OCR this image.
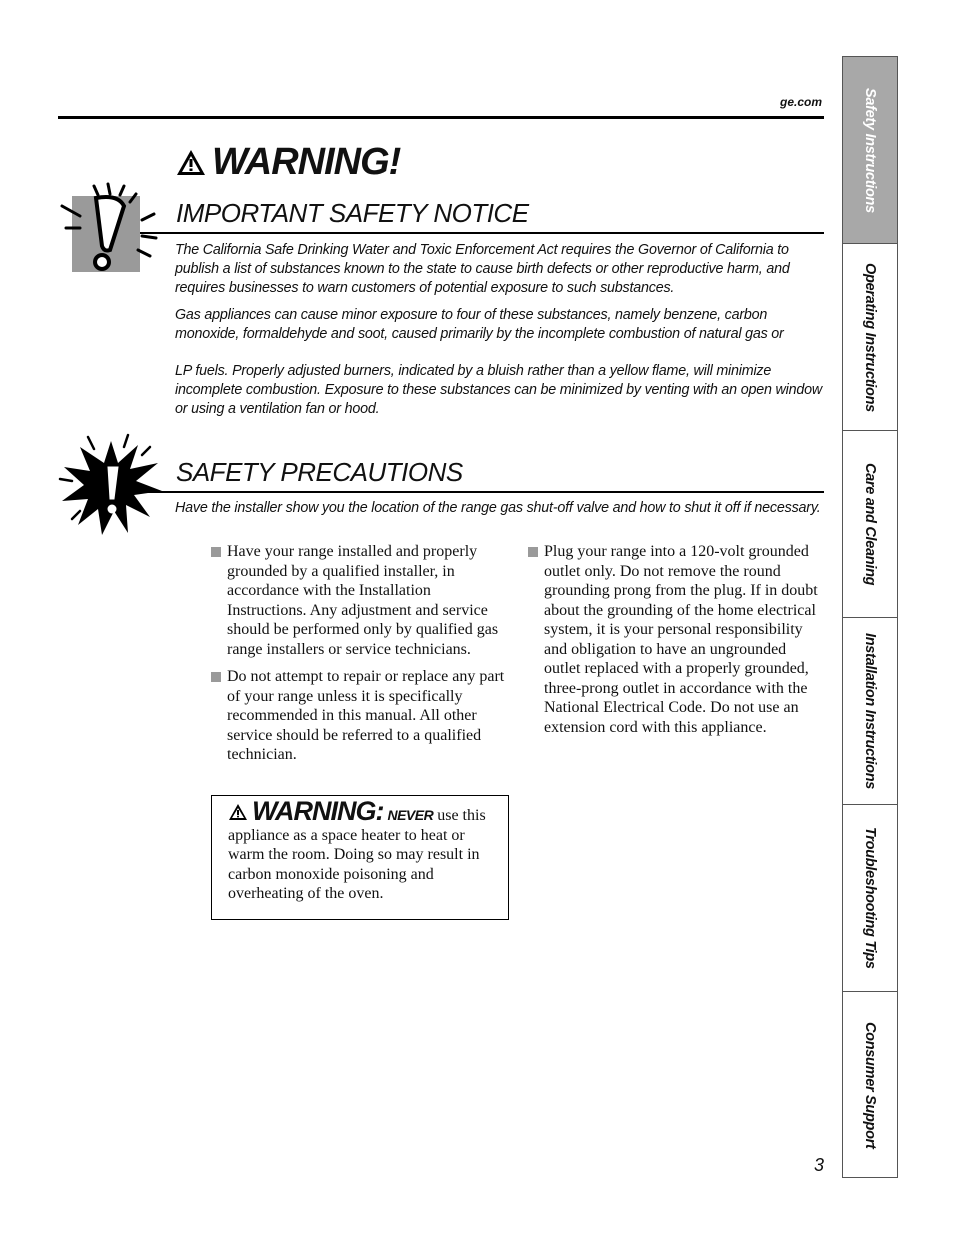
ge.com
WARNING!
IMPORTANT SAFETY NOTICE
The California Safe Drinking Water and Toxic Enforcement Act requires the Governor of California to publish a list of substances known to the state to cause birth defects or other reproductive harm, and requires businesses to warn customers of potential exposure to such substances.
Gas appliances can cause minor exposure to four of these substances, namely benzene, carbon monoxide, formaldehyde and soot, caused primarily by the incomplete combustion of natural gas or
LP fuels. Properly adjusted burners, indicated by a bluish rather than a yellow flame, will minimize incomplete combustion. Exposure to these substances can be minimized by venting with an open window or using a ventilation fan or hood.
SAFETY PRECAUTIONS
Have the installer show you the location of the range gas shut-off valve and how to shut it off if necessary.
Have your range installed and properly grounded by a qualified installer, in accordance with the Installation Instructions. Any adjustment and service should be performed only by qualified gas range installers or service technicians.
Do not attempt to repair or replace any part of your range unless it is specifically recommended in this manual. All other service should be referred to a qualified technician.
Plug your range into a 120-volt grounded outlet only. Do not remove the round grounding prong from the plug. If in doubt about the grounding of the home electrical system, it is your personal responsibility and obligation to have an ungrounded outlet replaced with a properly grounded, three-prong outlet in accordance with the National Electrical Code. Do not use an extension cord with this appliance.
WARNING: NEVER use this appliance as a space heater to heat or warm the room. Doing so may result in carbon monoxide poisoning and overheating of the oven.
3
Safety Instructions
Operating Instructions
Care and Cleaning
Installation Instructions
Troubleshooting Tips
Consumer Support
